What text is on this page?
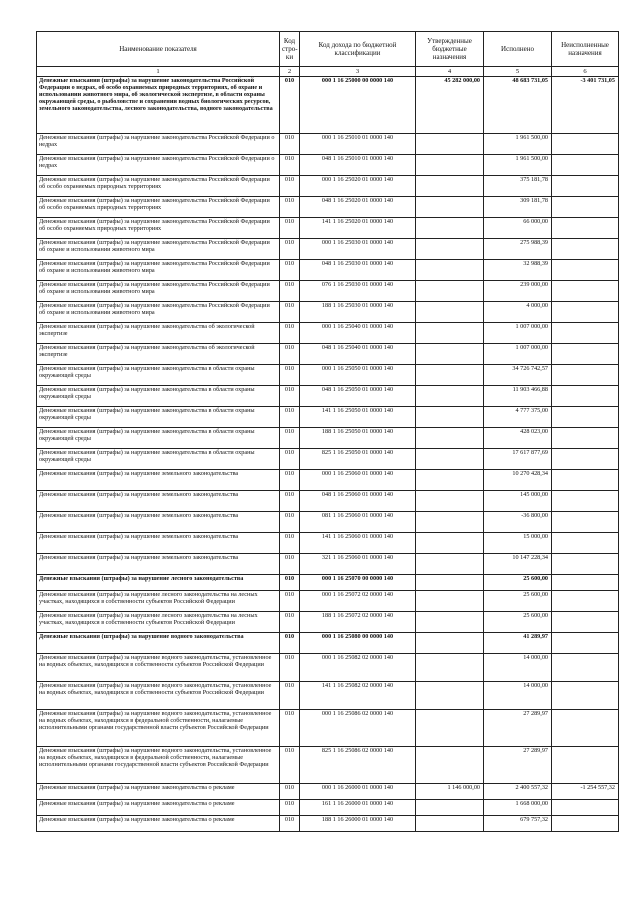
Наименование показателя	Код стро-ки	Код дохода по бюджетной классификации	Утвержденные бюджетные назначения	Исполнено	Неисполненные назначения
1	2	3	4	5	6
Денежные взыскания (штрафы) за нарушение законодательства Российской Федерации о недрах, об особо охраняемых природных территориях, об охране и использовании животного мира, об экологической экспертизе, в области охраны окружающей среды, о рыболовстве и сохранении водных биологических ресурсов, земельного законодательства, лесного законодательства, водного законодательства	010	000 1 16 25000 00 0000 140	45 282 000,00	48 683 731,05	-3 401 731,05
Денежные взыскания (штрафы) за нарушение законодательства Российской Федерации о недрах	010	000 1 16 25010 01 0000 140		1 961 500,00	
Денежные взыскания (штрафы) за нарушение законодательства Российской Федерации о недрах	010	048 1 16 25010 01 0000 140		1 961 500,00	
Денежные взыскания (штрафы) за нарушение законодательства Российской Федерации об особо охраняемых природных территориях	010	000 1 16 25020 01 0000 140		375 181,78	
Денежные взыскания (штрафы) за нарушение законодательства Российской Федерации об особо охраняемых природных территориях	010	048 1 16 25020 01 0000 140		309 181,78	
Денежные взыскания (штрафы) за нарушение законодательства Российской Федерации об особо охраняемых природных территориях	010	141 1 16 25020 01 0000 140		66 000,00	
Денежные взыскания (штрафы) за нарушение законодательства Российской Федерации об охране и использовании животного мира	010	000 1 16 25030 01 0000 140		275 988,39	
Денежные взыскания (штрафы) за нарушение законодательства Российской Федерации об охране и использовании животного мира	010	048 1 16 25030 01 0000 140		32 988,39	
Денежные взыскания (штрафы) за нарушение законодательства Российской Федерации об охране и использовании животного мира	010	076 1 16 25030 01 0000 140		239 000,00	
Денежные взыскания (штрафы) за нарушение законодательства Российской Федерации об охране и использовании животного мира	010	188 1 16 25030 01 0000 140		4 000,00	
Денежные взыскания (штрафы) за нарушение законодательства об экологической экспертизе	010	000 1 16 25040 01 0000 140		1 007 000,00	
Денежные взыскания (штрафы) за нарушение законодательства об экологической экспертизе	010	048 1 16 25040 01 0000 140		1 007 000,00	
Денежные взыскания (штрафы) за нарушение законодательства в области охраны окружающей среды	010	000 1 16 25050 01 0000 140		34 726 742,57	
Денежные взыскания (штрафы) за нарушение законодательства в области охраны окружающей среды	010	048 1 16 25050 01 0000 140		11 903 466,88	
Денежные взыскания (штрафы) за нарушение законодательства в области охраны окружающей среды	010	141 1 16 25050 01 0000 140		4 777 375,00	
Денежные взыскания (штрафы) за нарушение законодательства в области охраны окружающей среды	010	188 1 16 25050 01 0000 140		428 023,00	
Денежные взыскания (штрафы) за нарушение законодательства в области охраны окружающей среды	010	825 1 16 25050 01 0000 140		17 617 877,69	
Денежные взыскания (штрафы) за нарушение земельного законодательства	010	000 1 16 25060 01 0000 140		10 270 428,34	
Денежные взыскания (штрафы) за нарушение земельного законодательства	010	048 1 16 25060 01 0000 140		145 000,00	
Денежные взыскания (штрафы) за нарушение земельного законодательства	010	081 1 16 25060 01 0000 140		-36 800,00	
Денежные взыскания (штрафы) за нарушение земельного законодательства	010	141 1 16 25060 01 0000 140		15 000,00	
Денежные взыскания (штрафы) за нарушение земельного законодательства	010	321 1 16 25060 01 0000 140		10 147 228,34	
Денежные взыскания (штрафы) за нарушение лесного законодательства	010	000 1 16 25070 00 0000 140		25 600,00	
Денежные взыскания (штрафы) за нарушение лесного законодательства на лесных участках, находящихся в собственности субъектов Российской Федерации	010	000 1 16 25072 02 0000 140		25 600,00	
Денежные взыскания (штрафы) за нарушение лесного законодательства на лесных участках, находящихся в собственности субъектов Российской Федерации	010	188 1 16 25072 02 0000 140		25 600,00	
Денежные взыскания (штрафы) за нарушение водного законодательства	010	000 1 16 25080 00 0000 140		41 289,97	
Денежные взыскания (штрафы) за нарушение водного законодательства, установленное на водных объектах, находящихся в собственности субъектов Российской Федерации	010	000 1 16 25082 02 0000 140		14 000,00	
Денежные взыскания (штрафы) за нарушение водного законодательства, установленное на водных объектах, находящихся в собственности субъектов Российской Федерации	010	141 1 16 25082 02 0000 140		14 000,00	
Денежные взыскания (штрафы) за нарушение водного законодательства, установленное на водных объектах, находящихся в федеральной собственности, налагаемые исполнительными органами государственной власти субъектов Российской Федерации	010	000 1 16 25086 02 0000 140		27 289,97	
Денежные взыскания (штрафы) за нарушение водного законодательства, установленное на водных объектах, находящихся в федеральной собственности, налагаемые исполнительными органами государственной власти субъектов Российской Федерации	010	825 1 16 25086 02 0000 140		27 289,97	
Денежные взыскания (штрафы) за нарушение законодательства о рекламе	010	000 1 16 26000 01 0000 140	1 146 000,00	2 400 557,32	-1 254 557,32
Денежные взыскания (штрафы) за нарушение законодательства о рекламе	010	161 1 16 26000 01 0000 140		1 668 000,00	
Денежные взыскания (штрафы) за нарушение законодательства о рекламе	010	188 1 16 26000 01 0000 140		679 757,32	
